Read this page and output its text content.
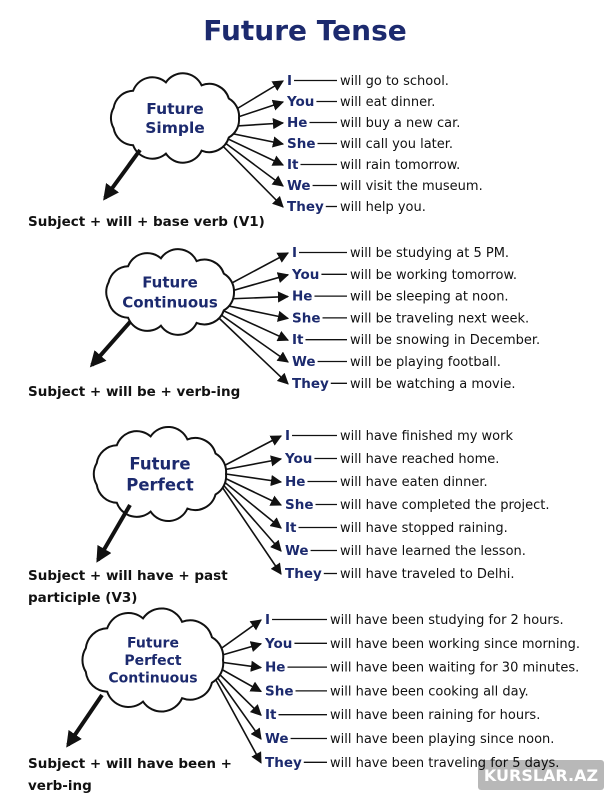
Future Tense
Future
Simple
Subject + will + base verb (V1)
I	will go to school.
You will eat dinner.
He	will buy a new car.
She will call you later.
It	will rain tomorrow.
We will visit the museum.
They will help you.
Future
Continuous
Subject + will be + verb-ing
I	will be studying at 5 PM.
You will be working tomorrow.
He	will be sleeping at noon.
She will be traveling next week.
It	will be snowing in December.
We	will be playing football.
They will be watching a movie.
Future
Perfect
Subject + will have + past
participle (V3)
I	will have finished my work
You will have reached home.
He	will have eaten dinner.
She will have completed the project.
It	will have stopped raining.
We will have learned the lesson.
They will have traveled to Delhi.
Future
Perfect
Continuous
Subject + will have been +
verb-ing
I	will have been studying for 2 hours.
You	will have been working since morning.
He	will have been waiting for 30 minutes.
She	will have been cooking all day.
It	will have been raining for hours.
We	will have been playing since noon.
They will have been traveling for 5 days.
KURSLAR.AZ
